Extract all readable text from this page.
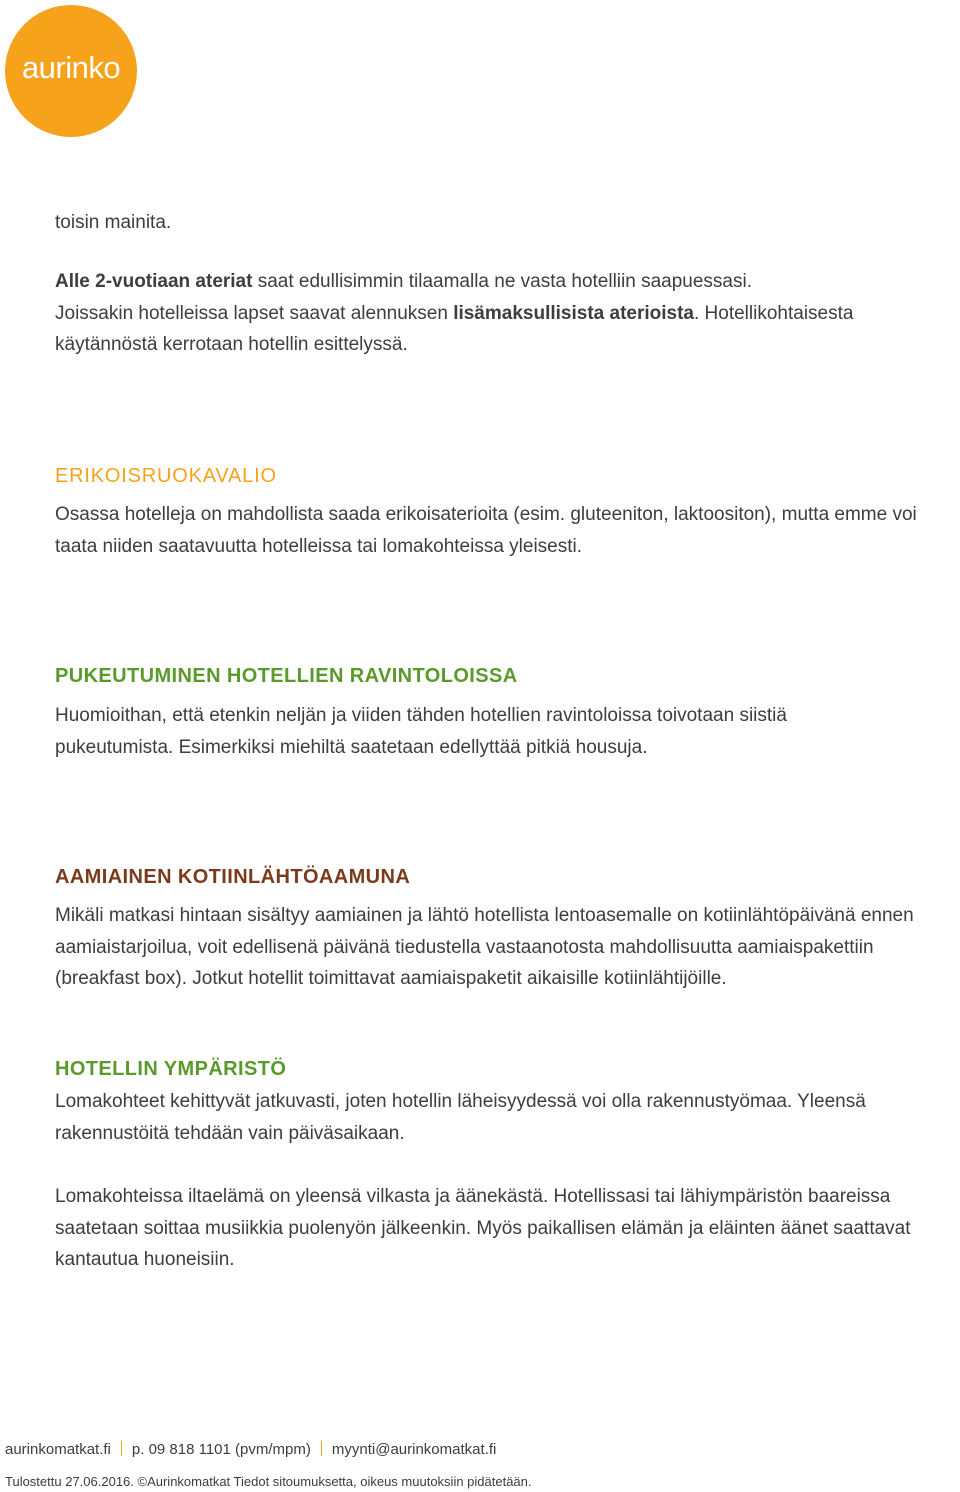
aurinko

toisin mainita.

Alle 2-vuotiaan ateriat saat edullisimmin tilaamalla ne vasta hotelliin saapuessasi.
Joissakin hotelleissa lapset saavat alennuksen lisämaksullisista aterioista. Hotellikohtaisesta käytännöstä kerrotaan hotellin esittelyssä.

ERIKOISRUOKAVALIO

Osassa hotelleja on mahdollista saada erikoisaterioita (esim. gluteeniton, laktoositon), mutta emme voi taata niiden saatavuutta hotelleissa tai lomakohteissa yleisesti.

PUKEUTUMINEN HOTELLIEN RAVINTOLOISSA

Huomioithan, että etenkin neljän ja viiden tähden hotellien ravintoloissa toivotaan siistiä pukeutumista. Esimerkiksi miehiltä saatetaan edellyttää pitkiä housuja.

AAMIAINEN KOTIINLÄHTÖAAMUNA

Mikäli matkasi hintaan sisältyy aamiainen ja lähtö hotellista lentoasemalle on kotiinlähtöpäivänä ennen aamiaistarjoilua, voit edellisenä päivänä tiedustella vastaanotosta mahdollisuutta aamiaispakettiin (breakfast box). Jotkut hotellit toimittavat aamiaispaketit aikaisille kotiinlähtijöille.

HOTELLIN YMPÄRISTÖ

Lomakohteet kehittyvät jatkuvasti, joten hotellin läheisyydessä voi olla rakennustyömaa. Yleensä rakennustöitä tehdään vain päiväsaikaan.

Lomakohteissa iltaelämä on yleensä vilkasta ja äänekästä. Hotellissasi tai lähiympäristön baareissa saatetaan soittaa musiikkia puolenyön jälkeenkin. Myös paikallisen elämän ja eläinten äänet saattavat kantautua huoneisiin.

aurinkomatkat.fi p. 09 818 1101 (pvm/mpm) myynti@aurinkomatkat.fi
Tulostettu 27.06.2016. ©Aurinkomatkat Tiedot sitoumuksetta, oikeus muutoksiin pidätetään.
